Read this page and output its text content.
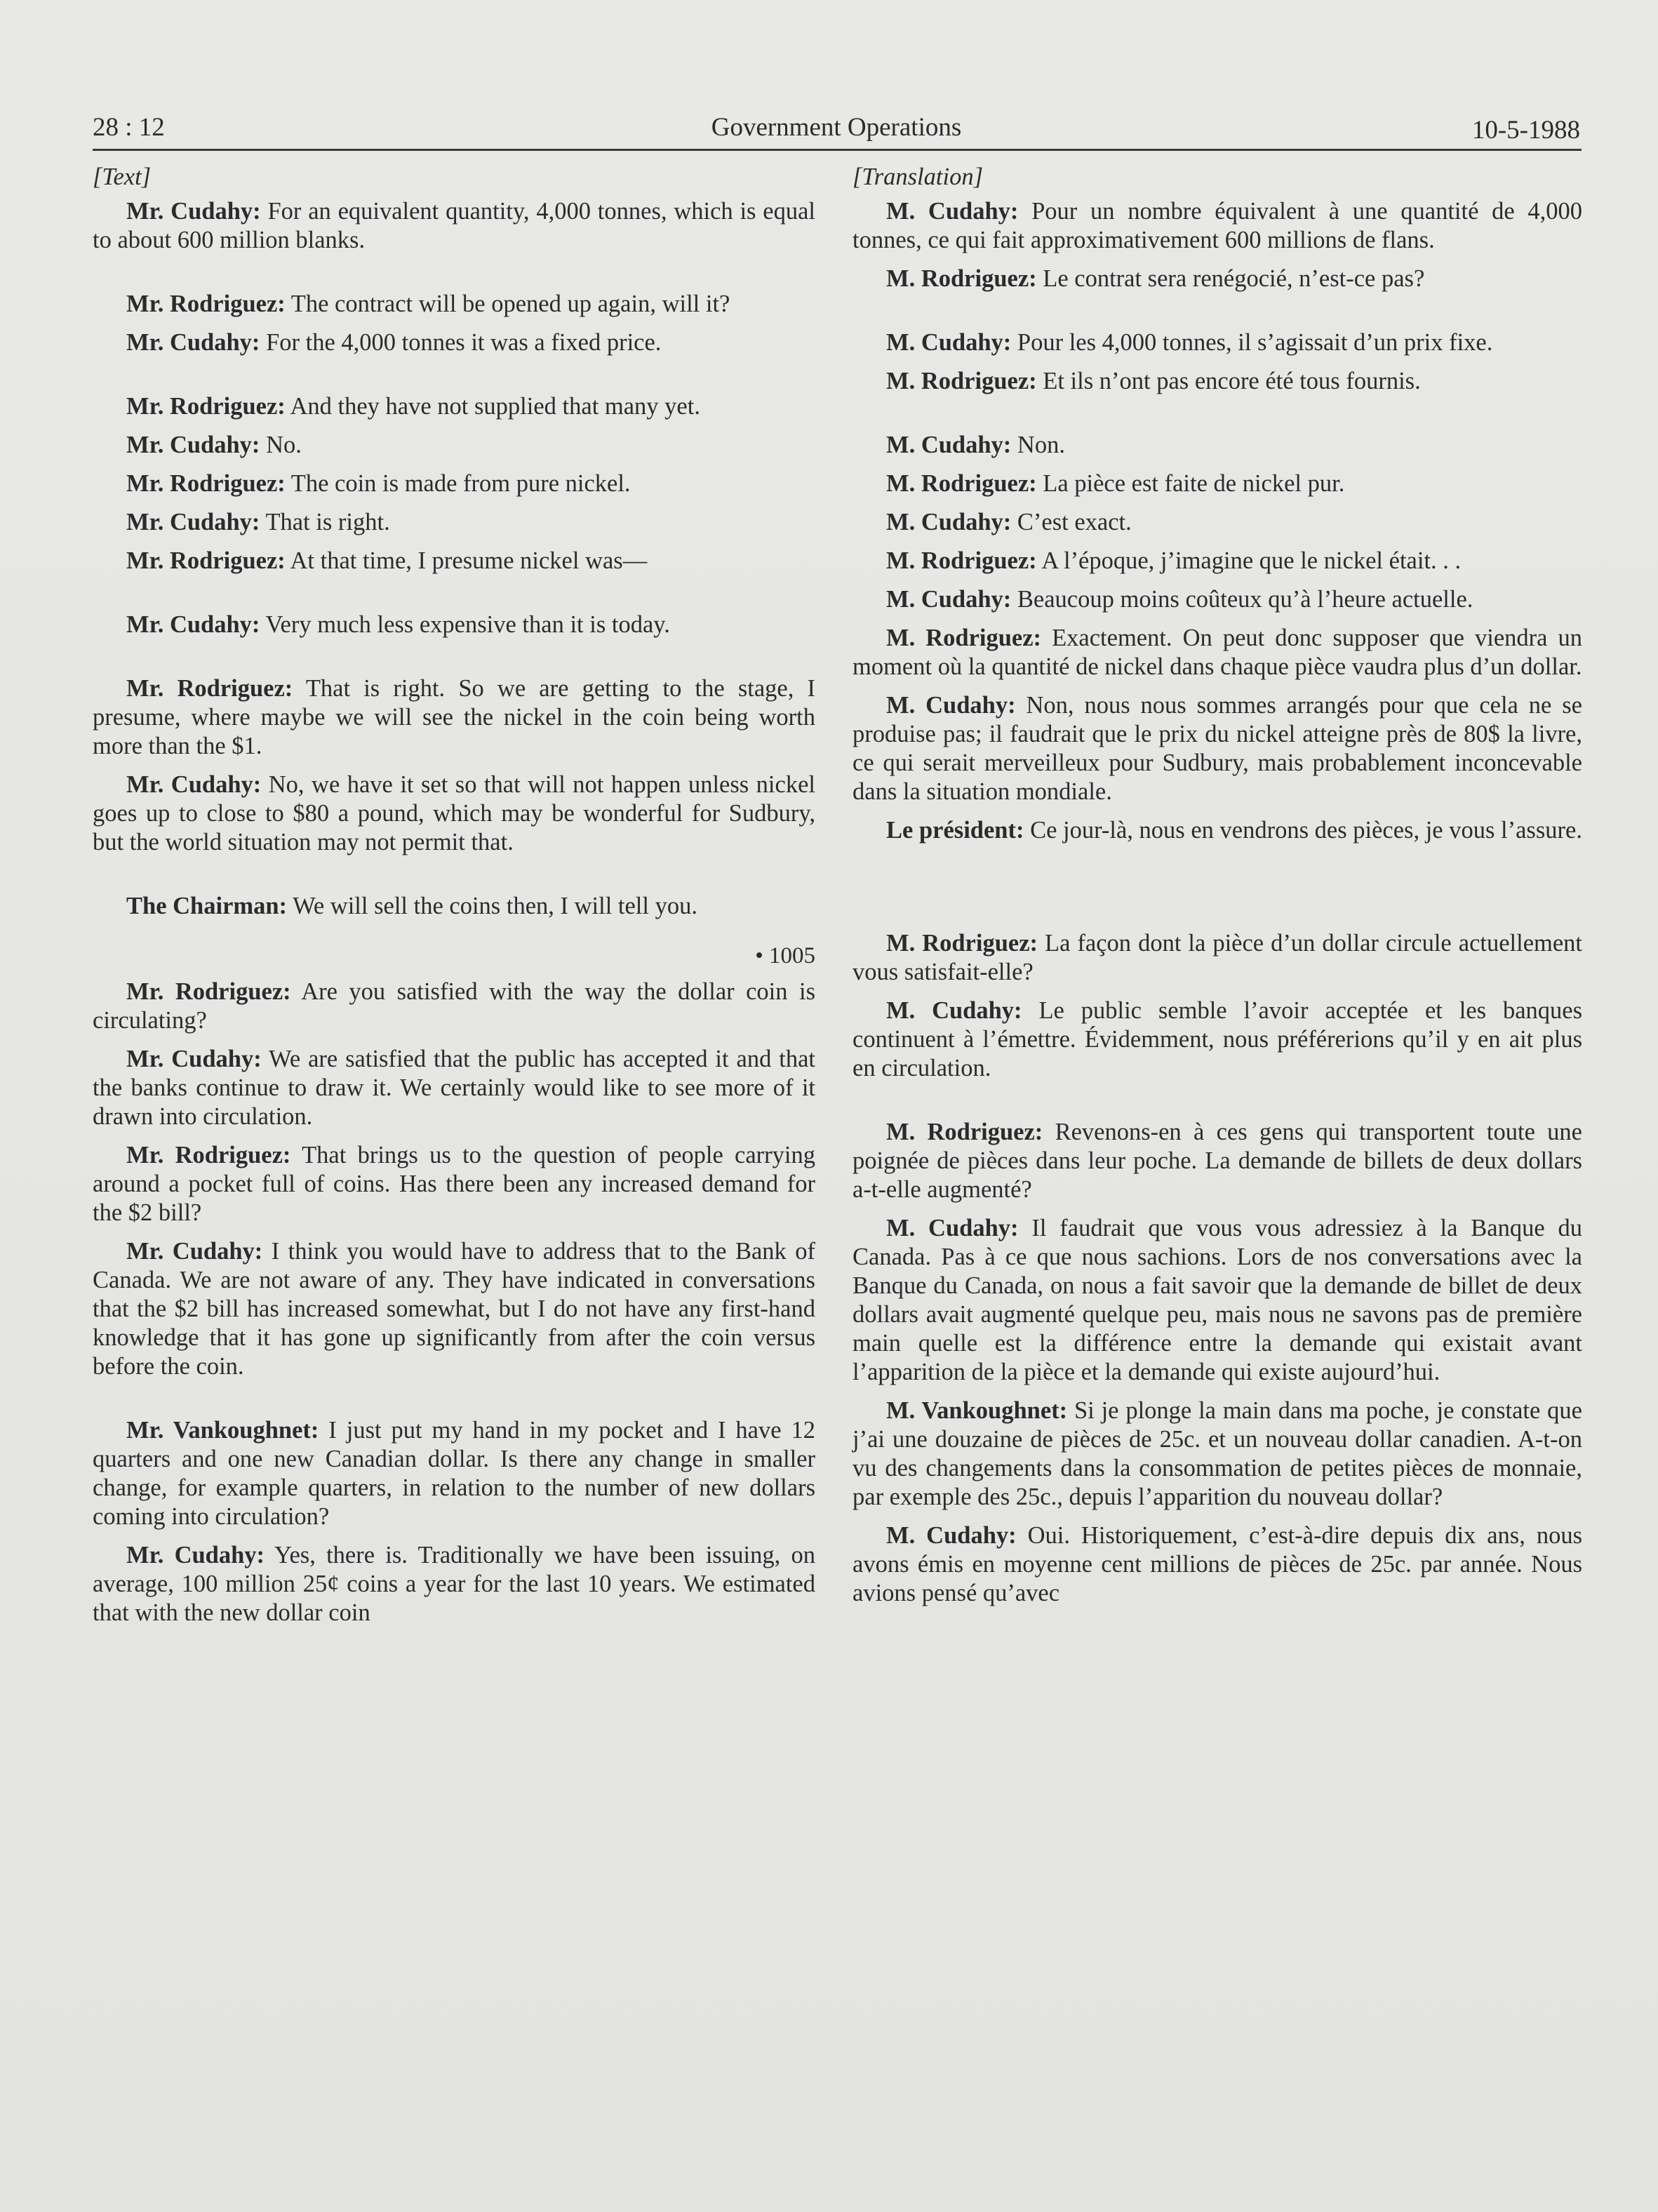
28 : 12	Government Operations	10-5-1988
[Text]

Mr. Cudahy: For an equivalent quantity, 4,000 tonnes, which is equal to about 600 million blanks.

Mr. Rodriguez: The contract will be opened up again, will it?

Mr. Cudahy: For the 4,000 tonnes it was a fixed price.

Mr. Rodriguez: And they have not supplied that many yet.

Mr. Cudahy: No.

Mr. Rodriguez: The coin is made from pure nickel.

Mr. Cudahy: That is right.

Mr. Rodriguez: At that time, I presume nickel was—

Mr. Cudahy: Very much less expensive than it is today.

Mr. Rodriguez: That is right. So we are getting to the stage, I presume, where maybe we will see the nickel in the coin being worth more than the $1.

Mr. Cudahy: No, we have it set so that will not happen unless nickel goes up to close to $80 a pound, which may be wonderful for Sudbury, but the world situation may not permit that.

The Chairman: We will sell the coins then, I will tell you.

• 1005

Mr. Rodriguez: Are you satisfied with the way the dollar coin is circulating?

Mr. Cudahy: We are satisfied that the public has accepted it and that the banks continue to draw it. We certainly would like to see more of it drawn into circulation.

Mr. Rodriguez: That brings us to the question of people carrying around a pocket full of coins. Has there been any increased demand for the $2 bill?

Mr. Cudahy: I think you would have to address that to the Bank of Canada. We are not aware of any. They have indicated in conversations that the $2 bill has increased somewhat, but I do not have any first-hand knowledge that it has gone up significantly from after the coin versus before the coin.

Mr. Vankoughnet: I just put my hand in my pocket and I have 12 quarters and one new Canadian dollar. Is there any change in smaller change, for example quarters, in relation to the number of new dollars coming into circulation?

Mr. Cudahy: Yes, there is. Traditionally we have been issuing, on average, 100 million 25¢ coins a year for the last 10 years. We estimated that with the new dollar coin

[Translation]

M. Cudahy: Pour un nombre équivalent à une quantité de 4,000 tonnes, ce qui fait approximativement 600 millions de flans.

M. Rodriguez: Le contrat sera renégocié, n’est-ce pas?

M. Cudahy: Pour les 4,000 tonnes, il s’agissait d’un prix fixe.

M. Rodriguez: Et ils n’ont pas encore été tous fournis.

M. Cudahy: Non.

M. Rodriguez: La pièce est faite de nickel pur.

M. Cudahy: C’est exact.

M. Rodriguez: A l’époque, j’imagine que le nickel était. . .

M. Cudahy: Beaucoup moins coûteux qu’à l’heure actuelle.

M. Rodriguez: Exactement. On peut donc supposer que viendra un moment où la quantité de nickel dans chaque pièce vaudra plus d’un dollar.

M. Cudahy: Non, nous nous sommes arrangés pour que cela ne se produise pas; il faudrait que le prix du nickel atteigne près de 80$ la livre, ce qui serait merveilleux pour Sudbury, mais probablement inconcevable dans la situation mondiale.

Le président: Ce jour-là, nous en vendrons des pièces, je vous l’assure.

M. Rodriguez: La façon dont la pièce d’un dollar circule actuellement vous satisfait-elle?

M. Cudahy: Le public semble l’avoir acceptée et les banques continuent à l’émettre. Évidemment, nous préférerions qu’il y en ait plus en circulation.

M. Rodriguez: Revenons-en à ces gens qui transportent toute une poignée de pièces dans leur poche. La demande de billets de deux dollars a-t-elle augmenté?

M. Cudahy: Il faudrait que vous vous adressiez à la Banque du Canada. Pas à ce que nous sachions. Lors de nos conversations avec la Banque du Canada, on nous a fait savoir que la demande de billet de deux dollars avait augmenté quelque peu, mais nous ne savons pas de première main quelle est la différence entre la demande qui existait avant l’apparition de la pièce et la demande qui existe aujourd’hui.

M. Vankoughnet: Si je plonge la main dans ma poche, je constate que j’ai une douzaine de pièces de 25c. et un nouveau dollar canadien. A-t-on vu des changements dans la consommation de petites pièces de monnaie, par exemple des 25c., depuis l’apparition du nouveau dollar?

M. Cudahy: Oui. Historiquement, c’est-à-dire depuis dix ans, nous avons émis en moyenne cent millions de pièces de 25c. par année. Nous avions pensé qu’avec
